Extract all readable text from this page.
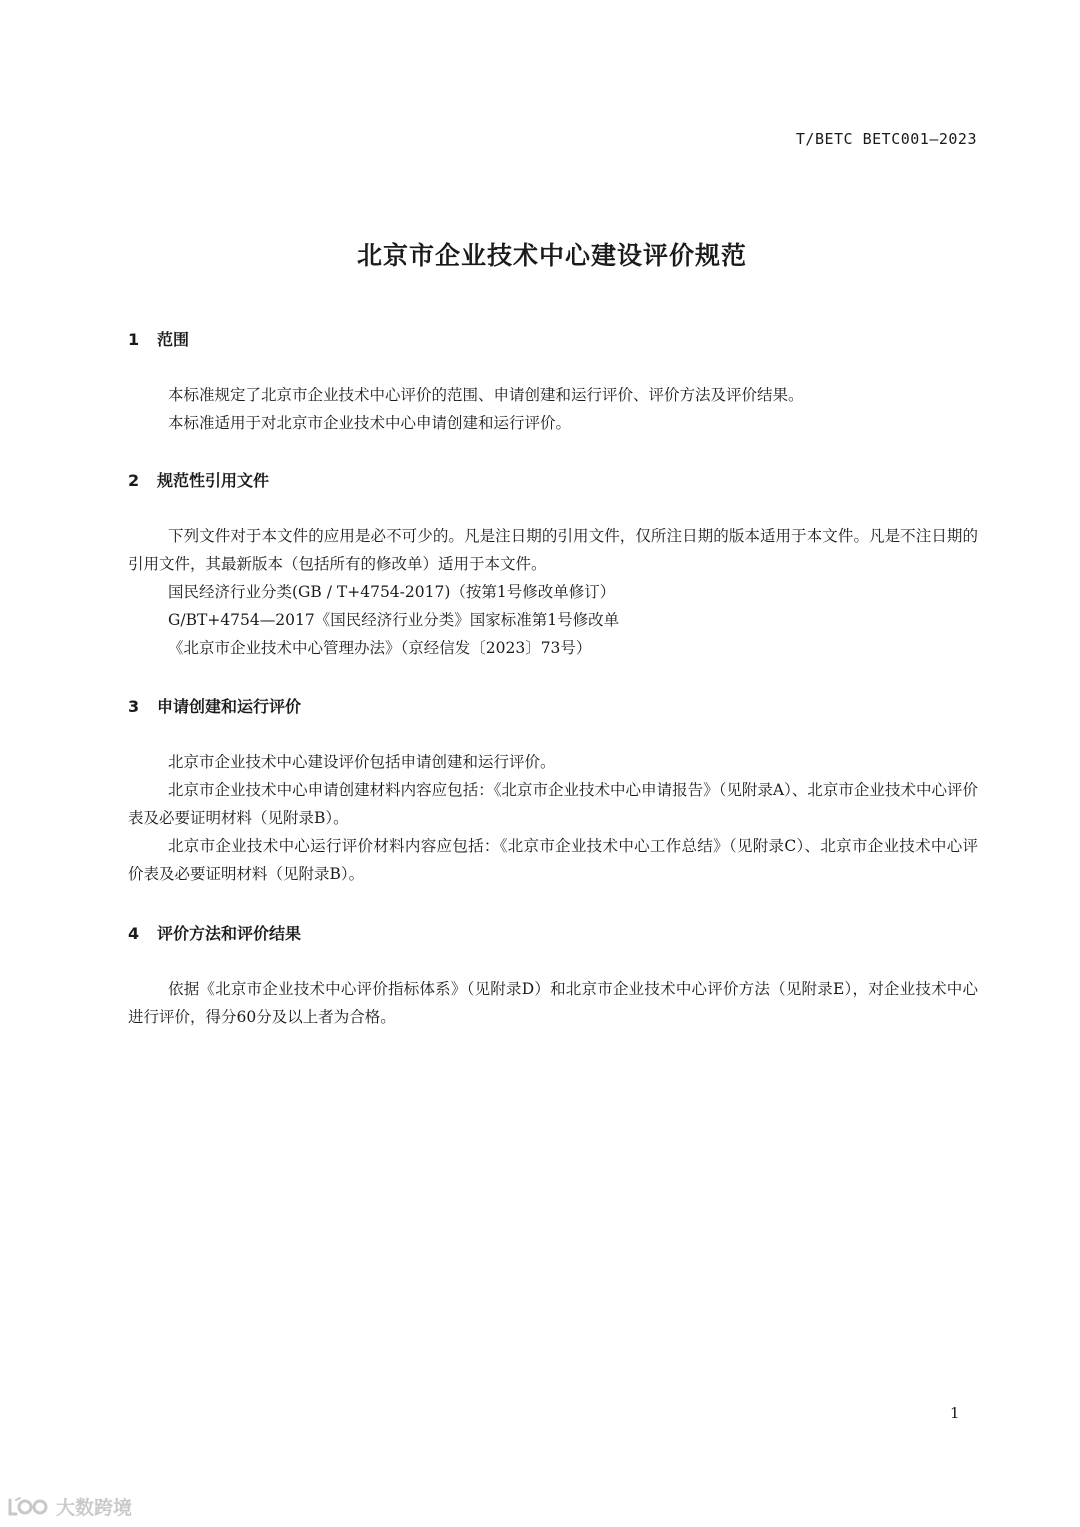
T/BETC BETC001—2023
北京市企业技术中心建设评价规范
1 范围

本标准规定了北京市企业技术中心评价的范围、申请创建和运行评价、评价方法及评价结果。

本标准适用于对北京市企业技术中心申请创建和运行评价。

2 规范性引用文件

下列文件对于本文件的应用是必不可少的。凡是注日期的引用文件，仅所注日期的版本适用于本文件。凡是不注日期的引用文件，其最新版本（包括所有的修改单）适用于本文件。

国民经济行业分类(GB / T+4754-2017)（按第1号修改单修订）

G/BT+4754—2017《国民经济行业分类》国家标准第1号修改单

《北京市企业技术中心管理办法》（京经信发〔2023〕73号）

3 申请创建和运行评价

北京市企业技术中心建设评价包括申请创建和运行评价。

北京市企业技术中心申请创建材料内容应包括：《北京市企业技术中心申请报告》（见附录A）、北京市企业技术中心评价表及必要证明材料（见附录B）。

北京市企业技术中心运行评价材料内容应包括：《北京市企业技术中心工作总结》（见附录C）、北京市企业技术中心评价表及必要证明材料（见附录B）。

4 评价方法和评价结果

依据《北京市企业技术中心评价指标体系》（见附录D）和北京市企业技术中心评价方法（见附录E），对企业技术中心进行评价，得分60分及以上者为合格。

1
大数跨境
